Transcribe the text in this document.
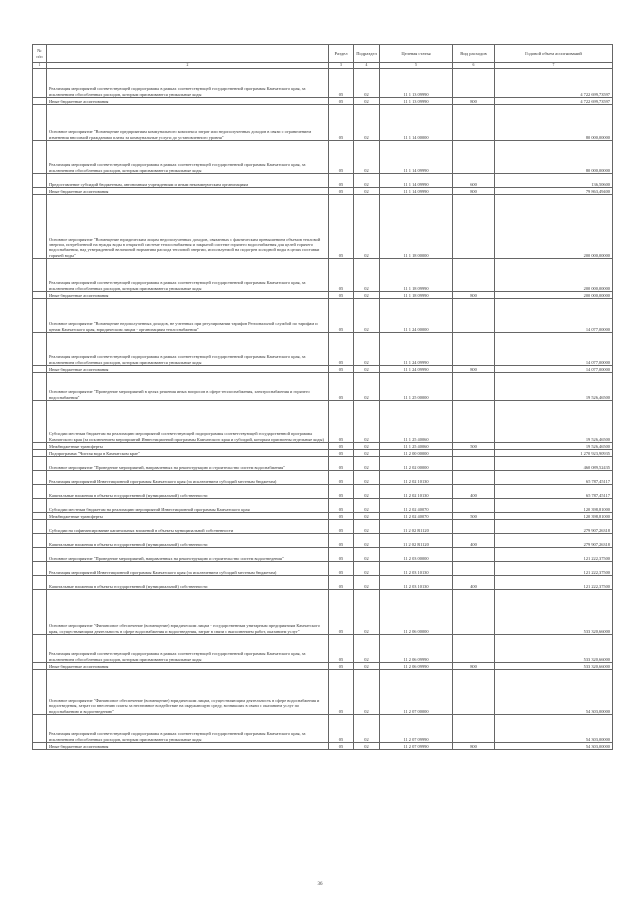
№ п/п		Раздел	Подраздел	Целевая статья	Вид расходов	Годовой объем ассигнований
1	2	3	4	5	6	7
	Реализация мероприятий соответствующей подпрограммы в рамках соответствующей государственной программы Камчатского края, за исключением обособленных расходов, которым присваиваются уникальные коды	05	02	11 1 13 09990		4 722 699,73597
	Иные бюджетные ассигнования	05	02	11 1 13 09990	800	4 722 699,73597
	Основное мероприятие "Возмещение предприятиям коммунального комплекса затрат или недополученных доходов в связи с ограничением изменения вносимой гражданами платы за коммунальные услуги до установленного уровня"	05	02	11 1 14 00000		80 000,00000
	Реализация мероприятий соответствующей подпрограммы в рамках соответствующей государственной программы Камчатского края, за исключением обособленных расходов, которым присваиваются уникальные коды	05	02	11 1 14 09990		80 000,00000
	Предоставление субсидий бюджетным, автономным учреждениям и иным некоммерческим организациям	05	02	11 1 14 09990	600	136,50600
	Иные бюджетные ассигнования	05	02	11 1 14 09990	800	79 863,49400
	Основное мероприятие "Возмещение юридическим лицам недополученных доходов, связанных с фактическим превышением объемов тепловой энергии, потребленной на нужды воды в открытой системе теплоснабжения и закрытой системе горячего водоснабжения для целей горячего водоснабжения, над утвержденной величиной норматива расхода тепловой энергии, используемой на подогрев холодной воды в целях поставки горячей воды"	05	02	11 1 18 00000		200 000,00000
	Реализация мероприятий соответствующей подпрограммы в рамках соответствующей государственной программы Камчатского края, за исключением обособленных расходов, которым присваиваются уникальные коды	05	02	11 1 18 09990		200 000,00000
	Иные бюджетные ассигнования	05	02	11 1 18 09990	800	200 000,00000
	Основное мероприятие "Возмещение недополученных доходов, не учтенных при регулировании тарифов Региональной службой по тарифам и ценам Камчатского края, юридическим лицам - организациям теплоснабжения"	05	02	11 1 24 00000		14 077,00000
	Реализация мероприятий соответствующей подпрограммы в рамках соответствующей государственной программы Камчатского края, за исключением обособленных расходов, которым присваиваются уникальные коды	05	02	11 1 24 09990		14 077,00000
	Иные бюджетные ассигнования	05	02	11 1 24 09990	800	14 077,00000
	Основное мероприятие "Проведение мероприятий в целях решения иных вопросов в сфере теплоснабжения, электроснабжения и горячего водоснабжения"	05	02	11 1 25 00000		19 526,46500
	Субсидии местным бюджетам на реализацию мероприятий соответствующей подпрограммы соответствующей государственной программы Камчатского края (за исключением мероприятий Инвестиционной программы Камчатского края и субсидий, которым присвоены отдельные коды)	05	02	11 1 25 40060		19 526,46500
	Межбюджетные трансферты	05	02	11 1 25 40060	500	19 526,46500
	Подпрограмма "Чистая вода в Камчатском крае"	05	02	11 2 00 00000		1 270 923,90935
	Основное мероприятие "Проведение мероприятий, направленных на реконструкцию и строительство систем водоснабжения"	05	02	11 2 02 00000		460 089,52435
	Реализация мероприятий Инвестиционной программы Камчатского края (за исключением субсидий местным бюджетам)	05	02	11 2 02 10130		65 787,45117
	Капитальные вложения в объекты государственной (муниципальной) собственности	05	02	11 2 02 10130	400	65 787,45117
	Субсидии местным бюджетам на реализацию мероприятий Инвестиционной программы Камчатского края	05	02	11 2 02 40070		120 398,81000
	Межбюджетные трансферты	05	02	11 2 02 40070	500	120 398,81000
	Субсидии на софинансирование капитальных вложений в объекты муниципальной собственности	05	02	11 2 02 R1120		279 907,26318
	Капитальные вложения в объекты государственной (муниципальной) собственности	05	02	11 2 02 R1120	400	279 907,26318
	Основное мероприятие "Проведение мероприятий, направленных на реконструкцию и строительство систем водоотведения"	05	02	11 2 03 00000		121 222,37500
	Реализация мероприятий Инвестиционной программы Камчатского края (за исключением субсидий местным бюджетам)	05	02	11 2 03 10130		121 222,37500
	Капитальные вложения в объекты государственной (муниципальной) собственности	05	02	11 2 03 10130	400	121 222,37500
	Основное мероприятие "Финансовое обеспечение (возмещение) юридическим лицам - государственным унитарным предприятиям Камчатского края, осуществляющим деятельность в сфере водоснабжения и водоотведения, затрат в связи с выполнением работ, оказанием услуг"	05	02	11 2 06 00000		533 320,66000
	Реализация мероприятий соответствующей подпрограммы в рамках соответствующей государственной программы Камчатского края, за исключением обособленных расходов, которым присваиваются уникальные коды	05	02	11 2 06 09990		533 320,66000
	Иные бюджетные ассигнования	05	02	11 2 06 09990	800	533 320,66000
	Основное мероприятие "Финансовое обеспечение (возмещение) юридическим лицам, осуществляющим деятельность в сфере водоснабжения и водоотведения, затрат по внесению платы за негативное воздействие на окружающую среду, возникших в связи с оказанием услуг по водоснабжению и водоотведению"	05	02	11 2 07 00000		54 303,00000
	Реализация мероприятий соответствующей подпрограммы в рамках соответствующей государственной программы Камчатского края, за исключением обособленных расходов, которым присваиваются уникальные коды	05	02	11 2 07 09990		54 303,00000
	Иные бюджетные ассигнования	05	02	11 2 07 09990	800	54 303,00000
36
